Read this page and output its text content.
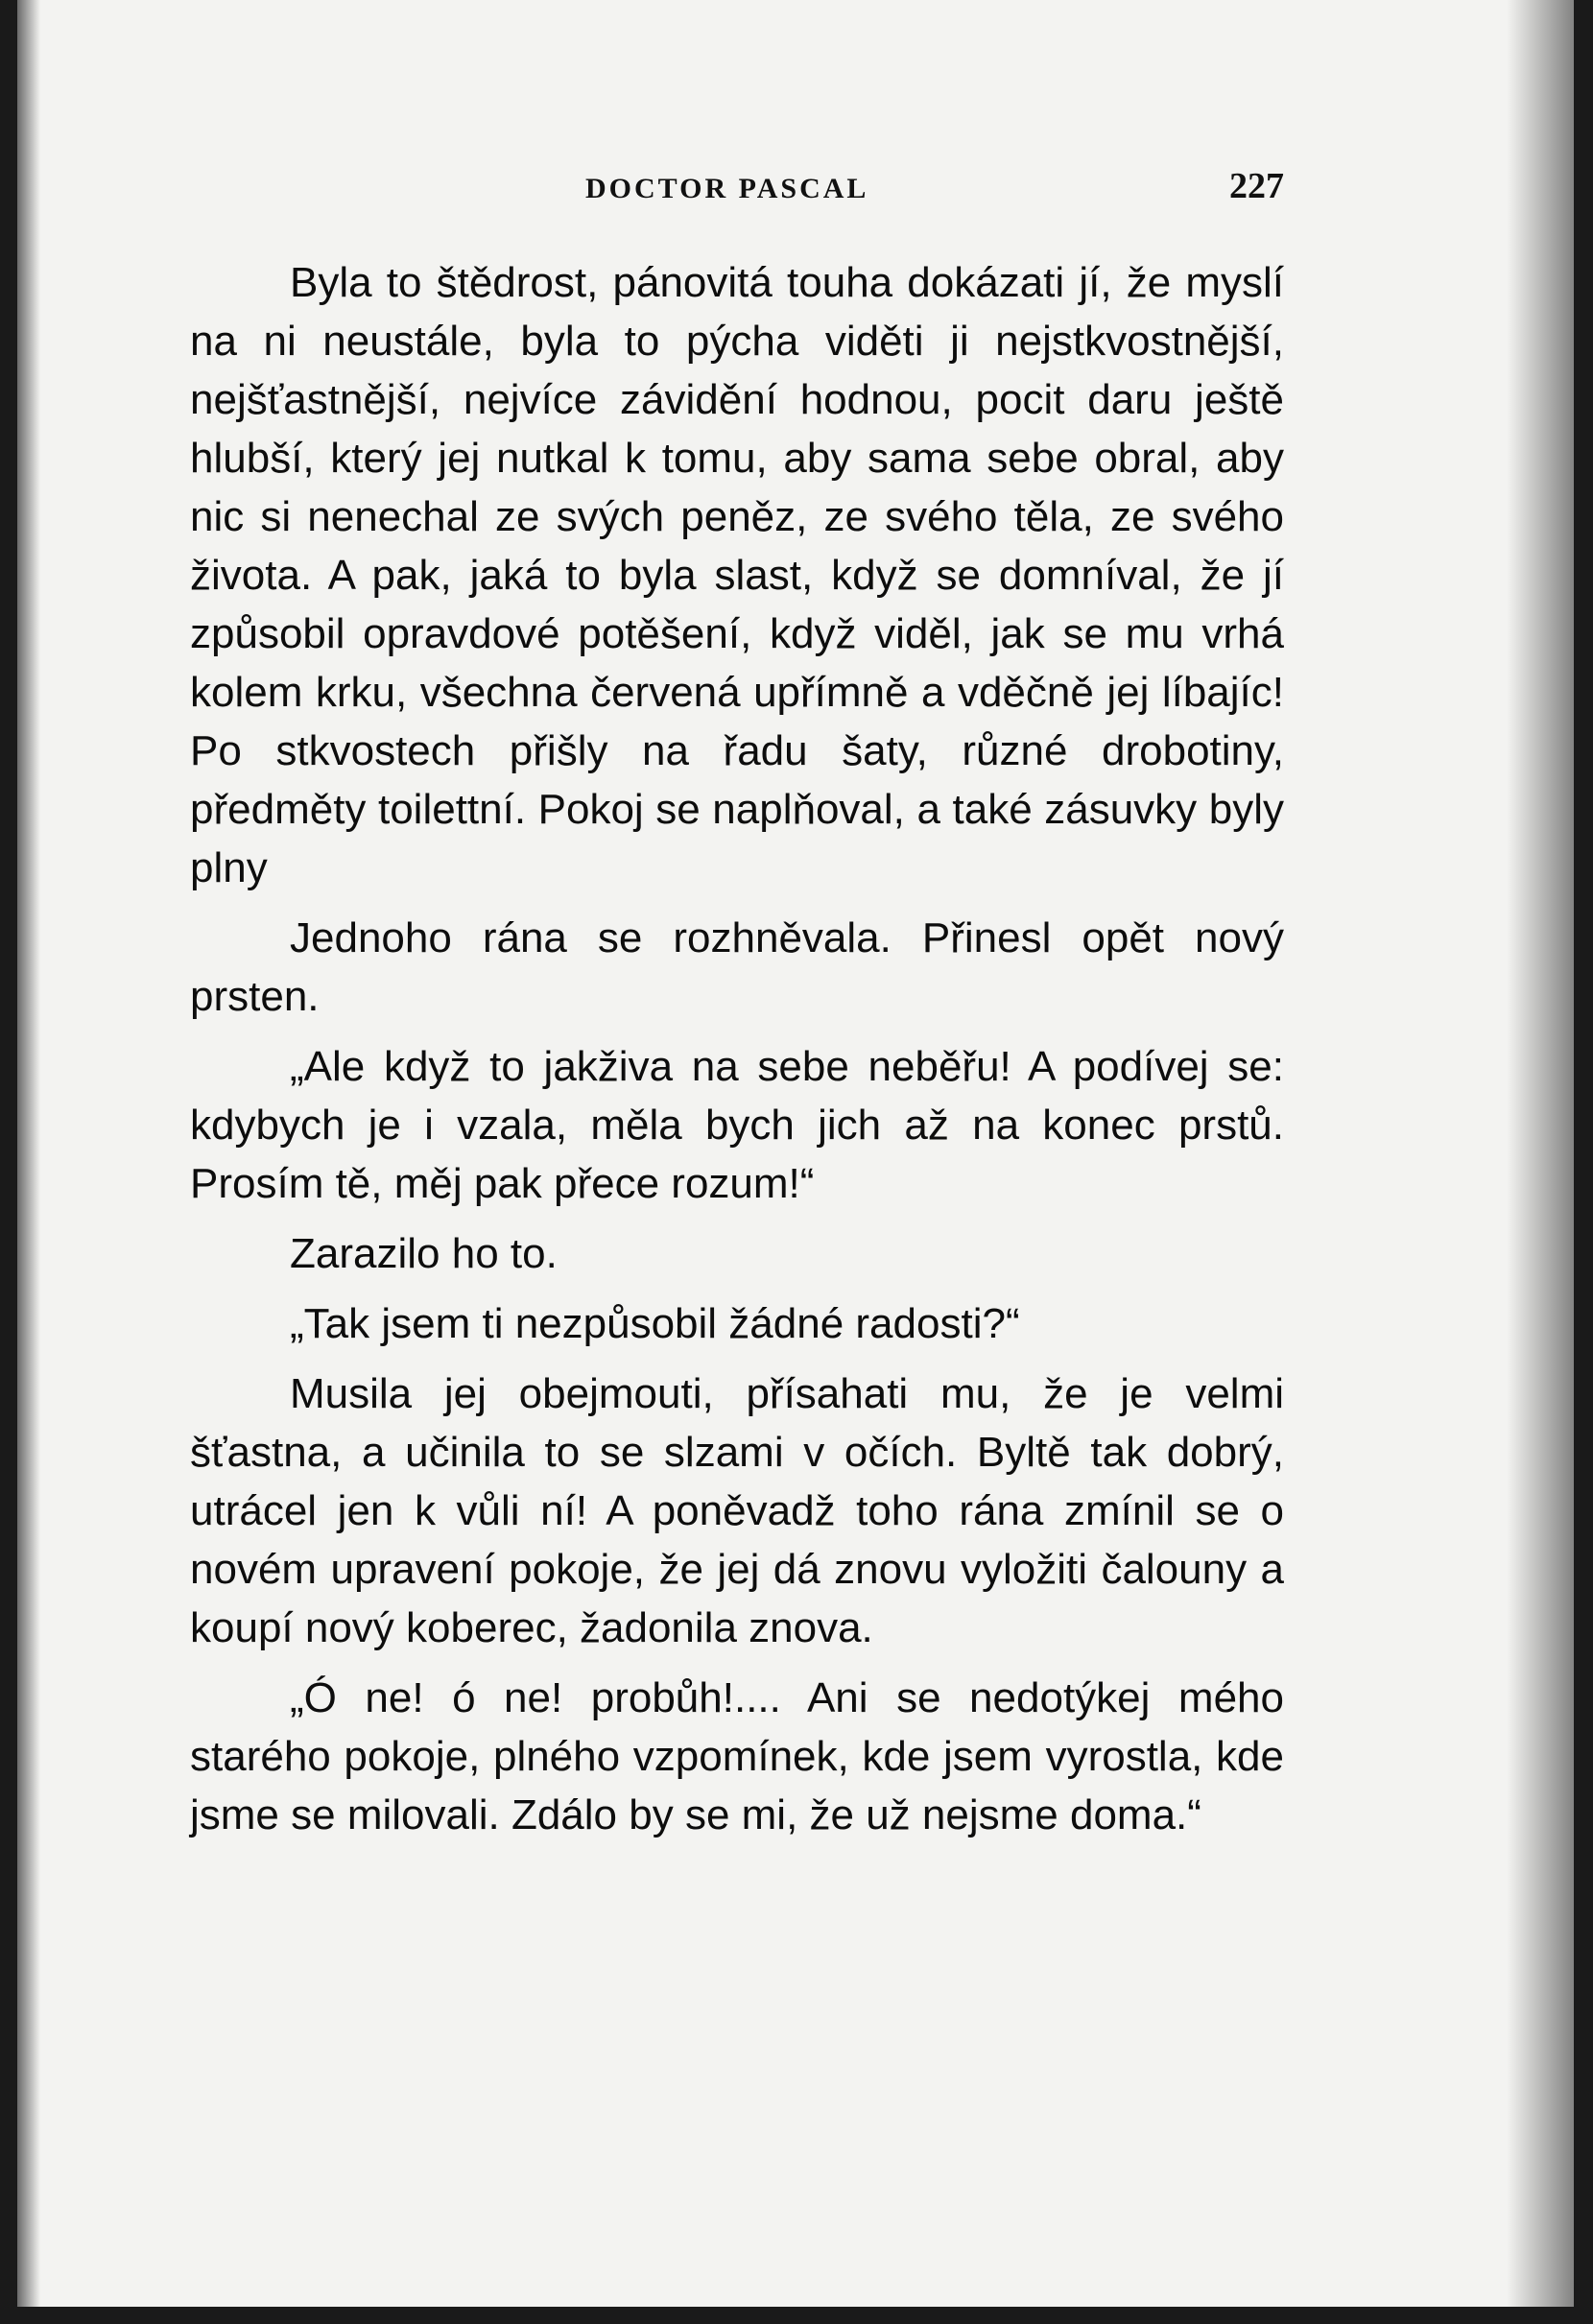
DOCTOR PASCAL	227

Byla to štědrost, pánovitá touha dokázati jí, že myslí na ni neustále, byla to pýcha viděti ji nejstkvostnější, nejšťastnější, nejvíce závidění hodnou, pocit daru ještě hlubší, který jej nutkal k tomu, aby sama sebe obral, aby nic si nenechal ze svých peněz, ze svého těla, ze svého života. A pak, jaká to byla slast, když se domníval, že jí způsobil opravdové potěšení, když viděl, jak se mu vrhá kolem krku, všechna červená upřímně a vděčně jej líbajíc! Po stkvostech přišly na řadu šaty, různé drobotiny, předměty toilettní. Pokoj se naplňoval, a také zásuvky byly plny

Jednoho rána se rozhněvala. Přinesl opět nový prsten.

„Ale když to jakživa na sebe neběřu! A podívej se: kdybych je i vzala, měla bych jich až na konec prstů. Prosím tě, měj pak přece rozum!“

Zarazilo ho to.

„Tak jsem ti nezpůsobil žádné radosti?“

Musila jej obejmouti, přísahati mu, že je velmi šťastna, a učinila to se slzami v očích. Byltě tak dobrý, utrácel jen k vůli ní! A poněvadž toho rána zmínil se o novém upravení pokoje, že jej dá znovu vyložiti čalouny a koupí nový koberec, žadonila znova.

„Ó ne! ó ne! probůh!.... Ani se nedotýkej mého starého pokoje, plného vzpomínek, kde jsem vyrostla, kde jsme se milovali. Zdálo by se mi, že už nejsme doma.“
